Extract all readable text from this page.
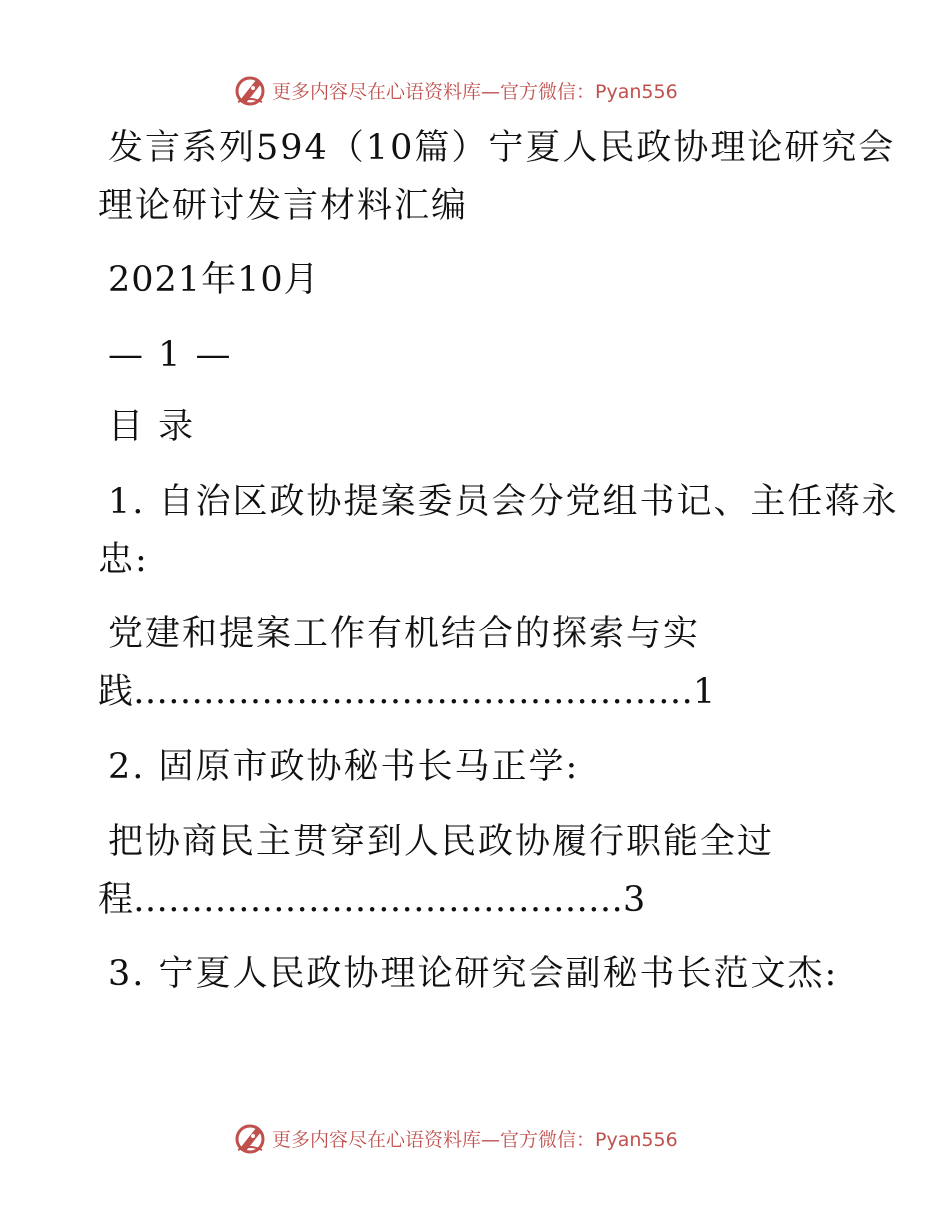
更多内容尽在心语资料库—官方微信：Pyan556
发言系列594（10篇）宁夏人民政协理论研究会
理论研讨发言材料汇编
2021年10月
— 1 —
目 录
1. 自治区政协提案委员会分党组书记、主任蒋永
忠:
党建和提案工作有机结合的探索与实
践…………………………………………1
2. 固原市政协秘书长马正学:
把协商民主贯穿到人民政协履行职能全过
程……………………………………3
3. 宁夏人民政协理论研究会副秘书长范文杰:
更多内容尽在心语资料库—官方微信：Pyan556
